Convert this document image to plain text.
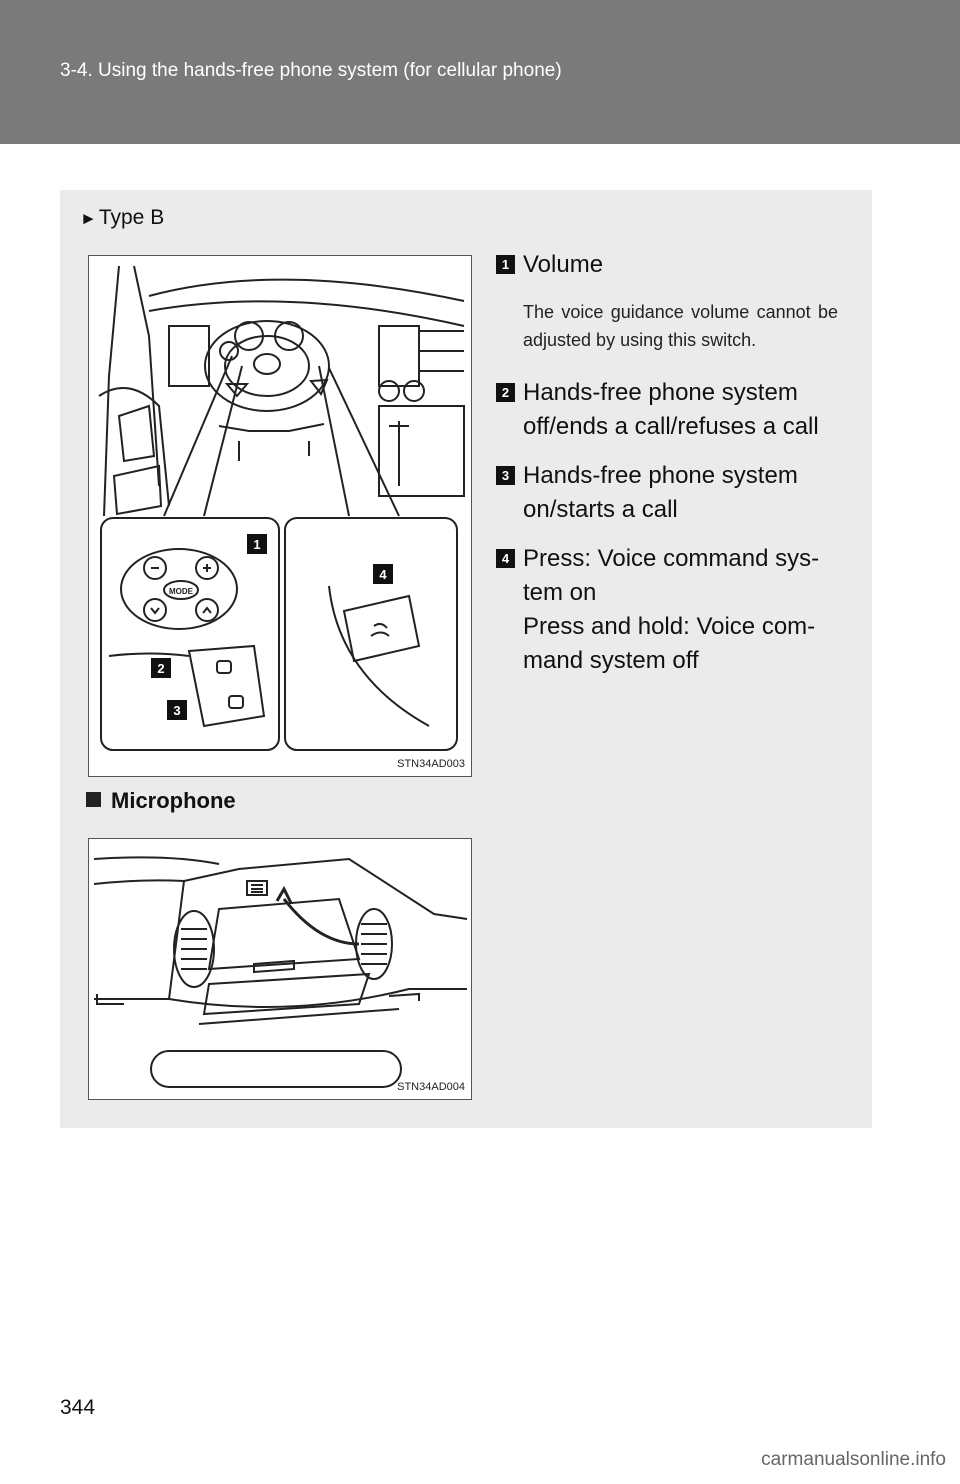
3-4. Using the hands-free phone system (for cellular phone)
►Type B
MODE
1
2
3
4
STN34AD003
1 Volume
The voice guidance volume cannot be adjusted by using this switch.
2 Hands-free phone system
off/ends a call/refuses a call
3 Hands-free phone system
on/starts a call
4 Press: Voice command sys-
tem on
Press and hold: Voice com-
mand system off
Microphone
STN34AD004
344
carmanualsonline.info
